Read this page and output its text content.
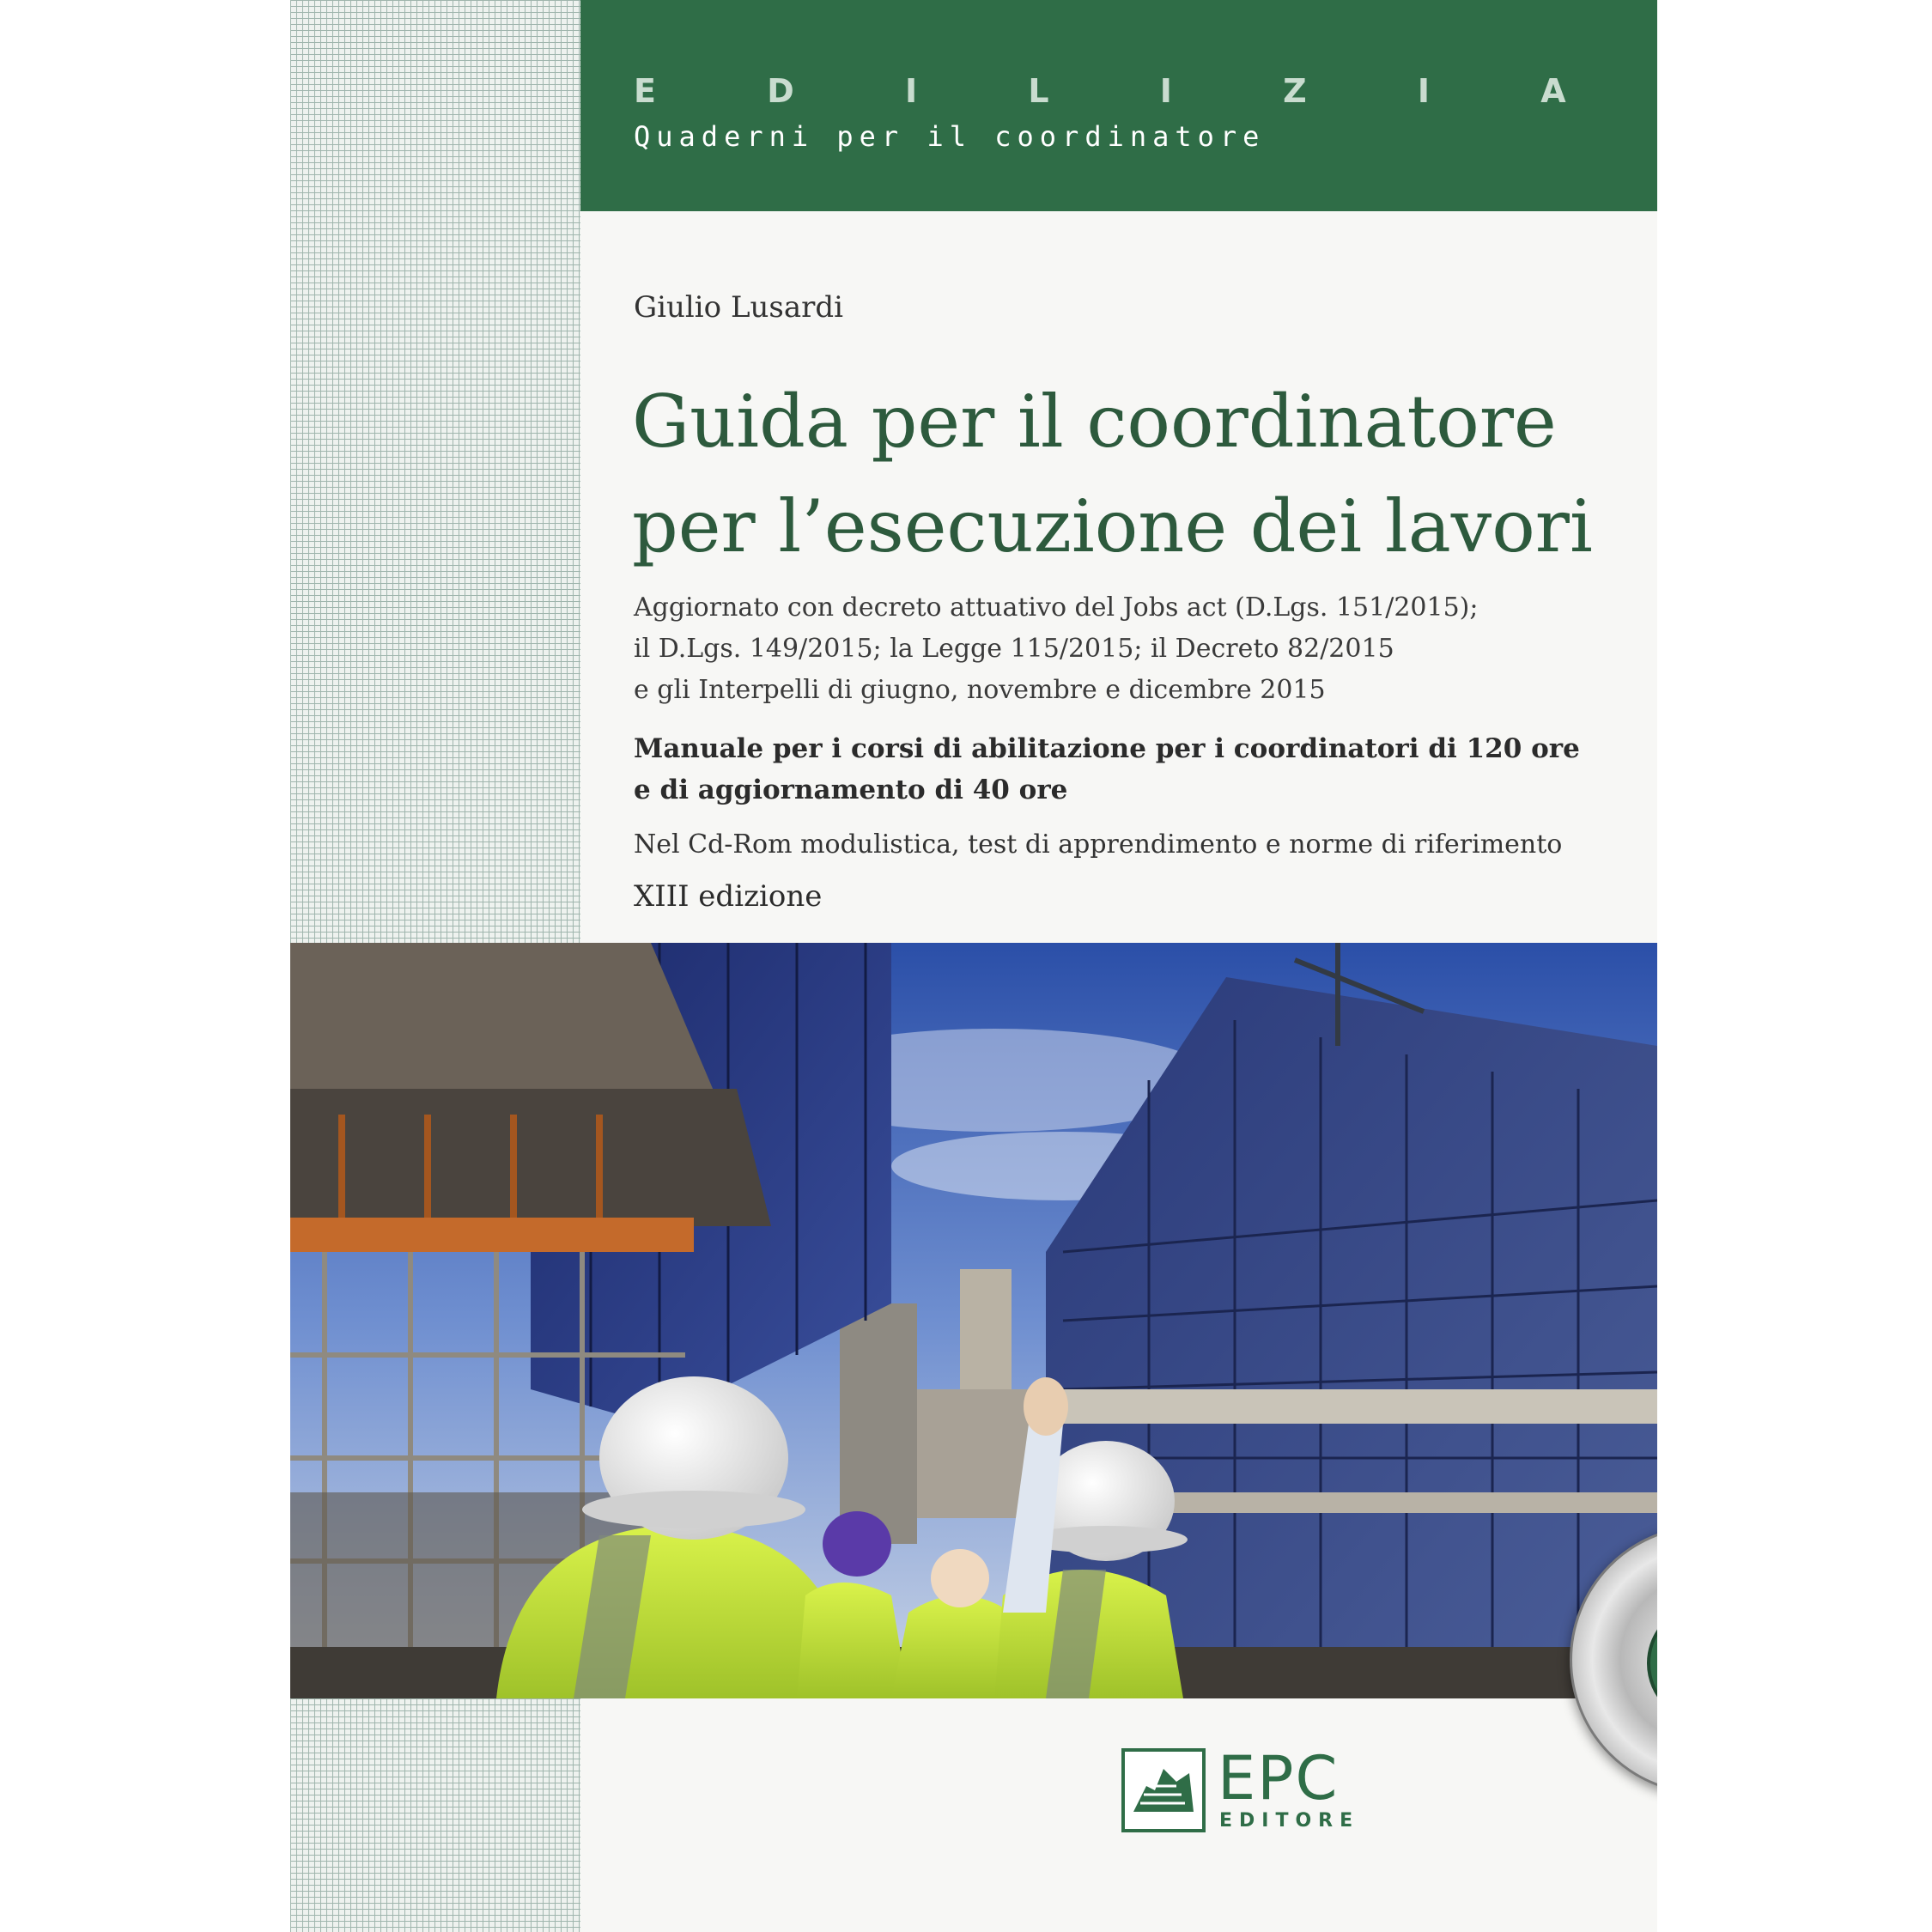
E D I L I Z I A
Quaderni per il coordinatore
Giulio Lusardi
Guida per il coordinatore
per l’esecuzione dei lavori
Aggiornato con decreto attuativo del Jobs act (D.Lgs. 151/2015);
il D.Lgs. 149/2015; la Legge 115/2015; il Decreto 82/2015
e gli Interpelli di giugno, novembre e dicembre 2015
Manuale per i corsi di abilitazione per i coordinatori di 120 ore
e di aggiornamento di 40 ore
Nel Cd-Rom modulistica, test di apprendimento e norme di riferimento
XIII edizione
EPC
EDITORE
